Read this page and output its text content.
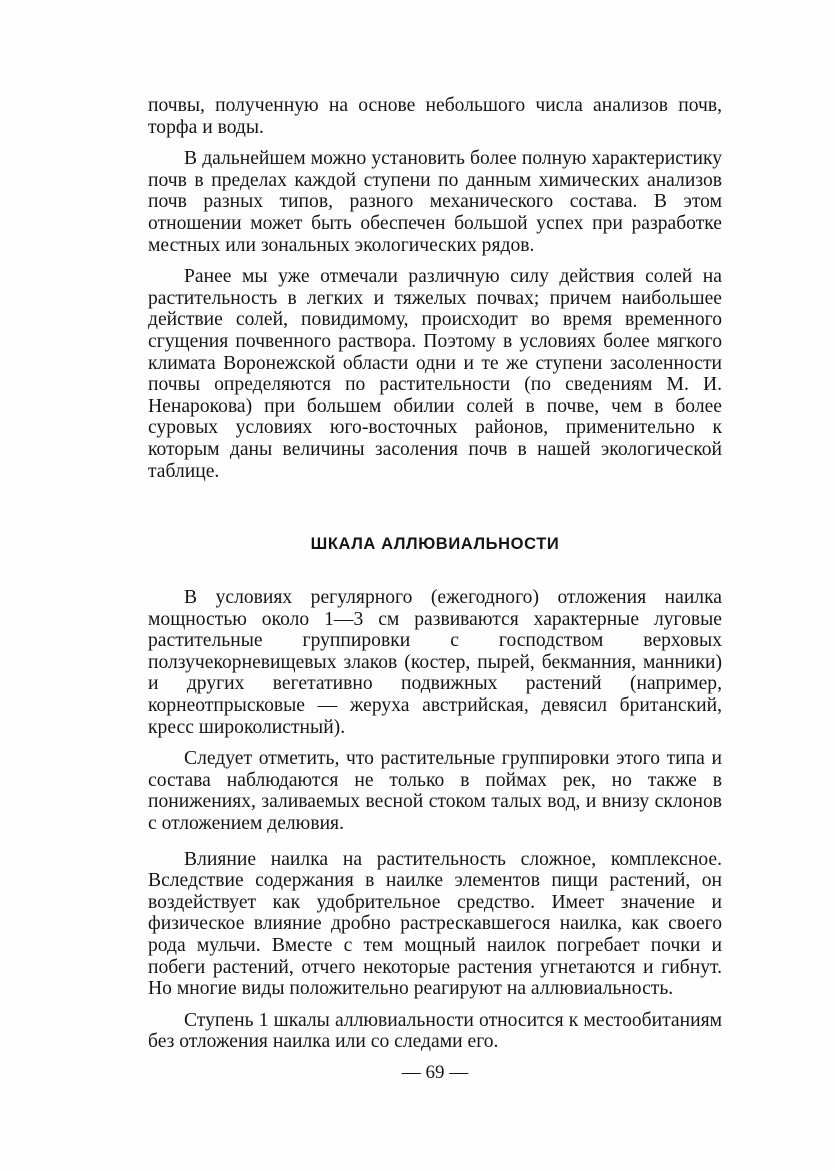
почвы, полученную на основе небольшого числа анализов почв, торфа и воды.

В дальнейшем можно установить более полную характеристику почв в пределах каждой ступени по данным химических анализов почв разных типов, разного механического состава. В этом отношении может быть обеспечен большой успех при разработке местных или зональных экологических рядов.

Ранее мы уже отмечали различную силу действия солей на растительность в легких и тяжелых почвах; причем наибольшее действие солей, повидимому, происходит во время временного сгущения почвенного раствора. Поэтому в условиях более мягкого климата Воронежской области одни и те же ступени засоленности почвы определяются по растительности (по сведениям М. И. Ненарокова) при большем обилии солей в почве, чем в более суровых условиях юго-восточных районов, применительно к которым даны величины засоления почв в нашей экологической таблице.

ШКАЛА АЛЛЮВИАЛЬНОСТИ

В условиях регулярного (ежегодного) отложения наилка мощностью около 1—3 см развиваются характерные луговые растительные группировки с господством верховых ползучекорневищевых злаков (костер, пырей, бекманния, манники) и других вегетативно подвижных растений (например, корнеотпрысковые — жеруха австрийская, девясил британский, кресс широколистный).

Следует отметить, что растительные группировки этого типа и состава наблюдаются не только в поймах рек, но также в понижениях, заливаемых весной стоком талых вод, и внизу склонов с отложением делювия.

Влияние наилка на растительность сложное, комплексное. Вследствие содержания в наилке элементов пищи растений, он воздействует как удобрительное средство. Имеет значение и физическое влияние дробно растрескавшегося наилка, как своего рода мульчи. Вместе с тем мощный наилок погребает почки и побеги растений, отчего некоторые растения угнетаются и гибнут. Но многие виды положительно реагируют на аллювиальность.

Ступень 1 шкалы аллювиальности относится к местообитаниям без отложения наилка или со следами его.

— 69 —
